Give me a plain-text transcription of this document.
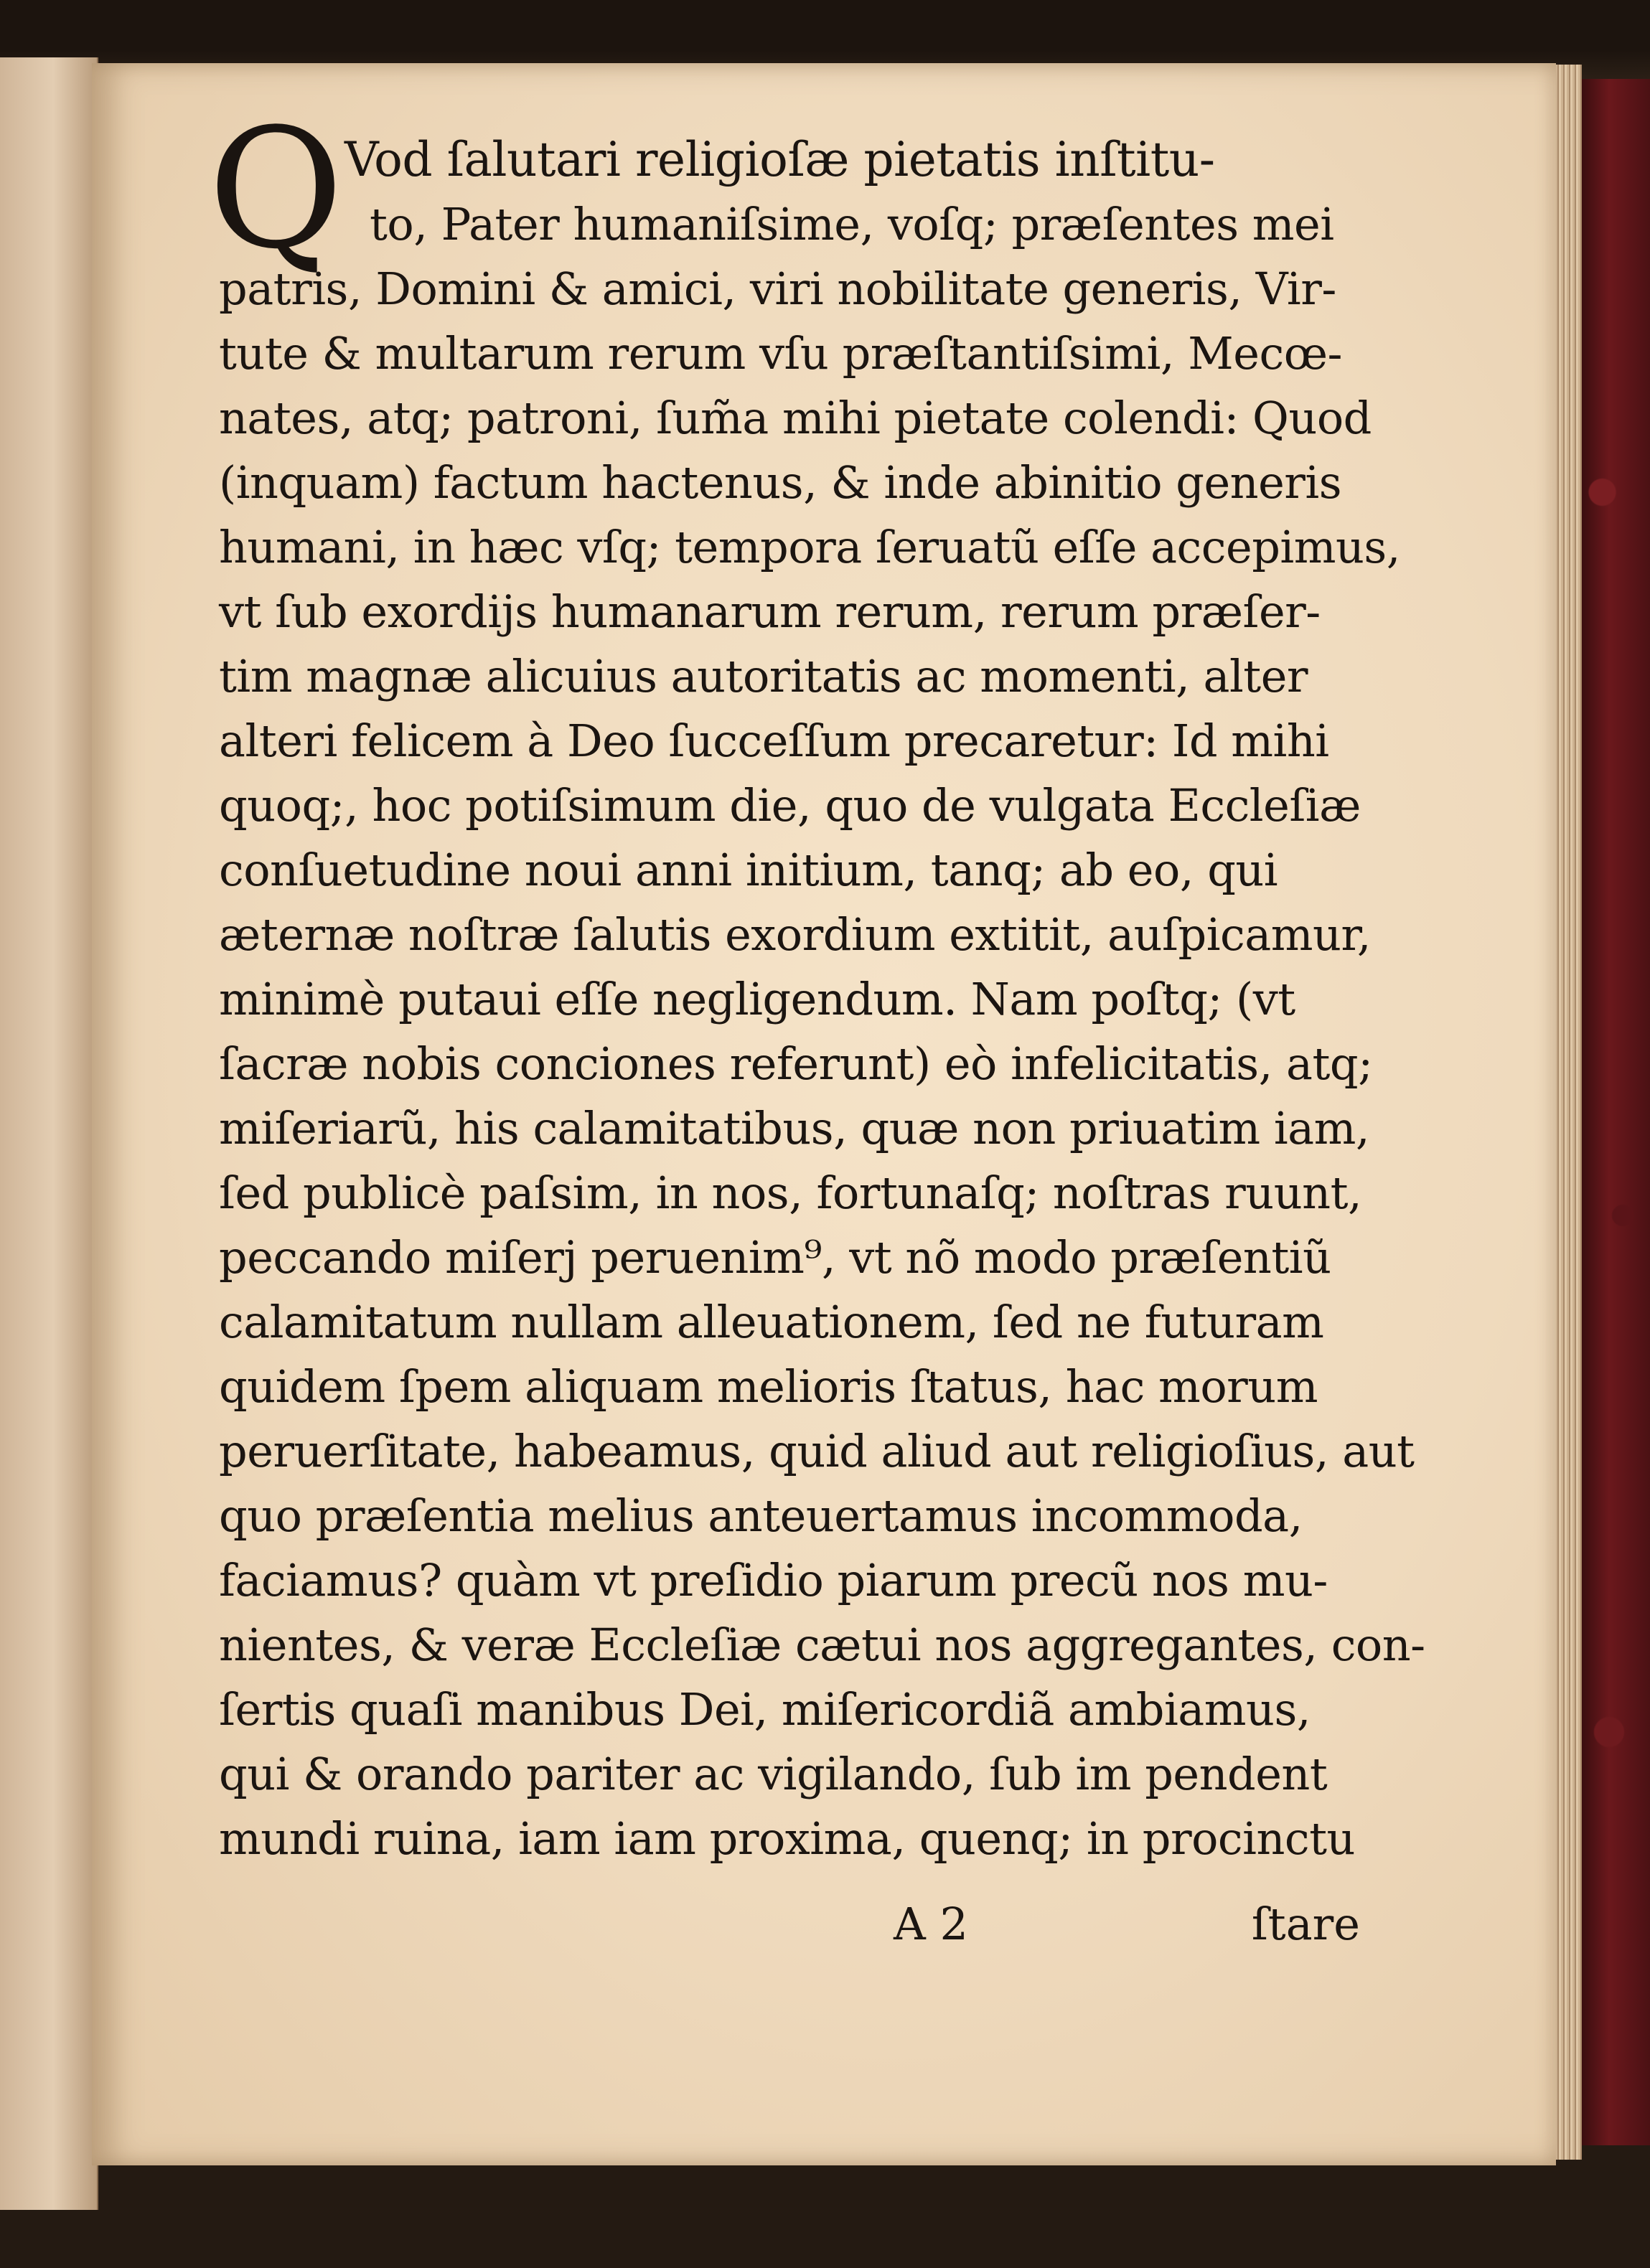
Q Vod ſalutari religioſæ pietatis inſtitu-
to, Pater humaniſsime, voſq; præſentes mei
patris, Domini & amici, viri nobilitate generis, Vir-
tute & multarum rerum vſu præſtantiſsimi, Mecœ-
nates, atq; patroni, ſum̃a mihi pietate colendi: Quod
(inquam) factum hactenus, & inde abinitio generis
humani, in hæc vſq; tempora ſeruatũ eſſe accepimus,
vt ſub exordijs humanarum rerum, rerum præſer-
tim magnæ alicuius autoritatis ac momenti, alter
alteri felicem à Deo ſucceſſum precaretur: Id mihi
quoq;, hoc potiſsimum die, quo de vulgata Eccleſiæ
conſuetudine noui anni initium, tanq; ab eo, qui
æternæ noſtræ ſalutis exordium extitit, auſpicamur,
minimè putaui eſſe negligendum. Nam poſtq; (vt
ſacræ nobis conciones referunt) eò infelicitatis, atq;
miſeriarũ, his calamitatibus, quæ non priuatim iam,
ſed publicè paſsim, in nos, fortunaſq; noſtras ruunt,
peccando miſerj peruenim⁹, vt nõ modo præſentiũ
calamitatum nullam alleuationem, ſed ne futuram
quidem ſpem aliquam melioris ſtatus, hac morum
peruerſitate, habeamus, quid aliud aut religioſius, aut
quo præſentia melius anteuertamus incommoda,
faciamus? quàm vt preſidio piarum precũ nos mu-
nientes, & veræ Eccleſiæ cætui nos aggregantes, con-
ſertis quaſi manibus Dei, miſericordiã ambiamus,
qui & orando pariter ac vigilando, ſub im pendent
mundi ruina, iam iam proxima, quenq; in procinctu
A 2	ſtare
